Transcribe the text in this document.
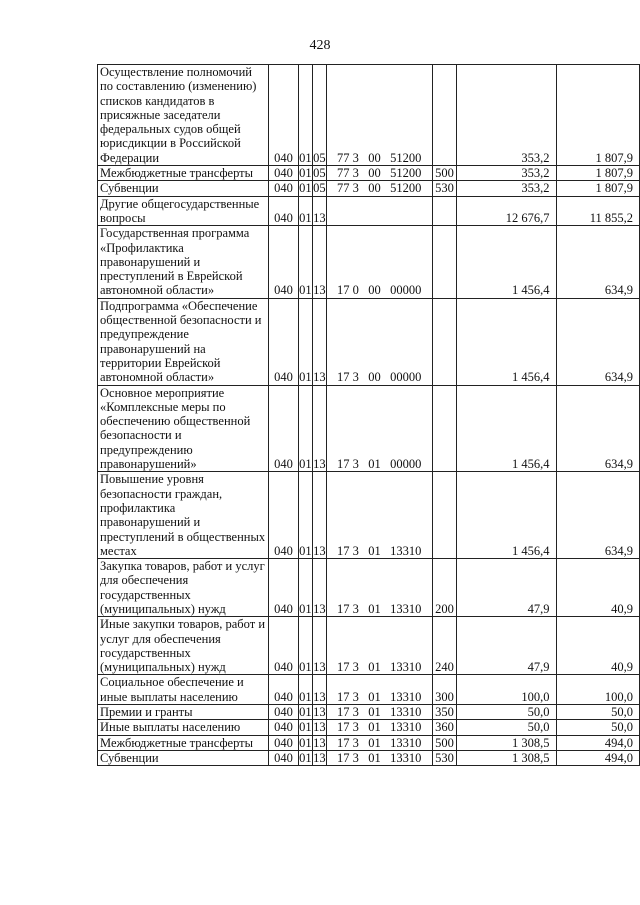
428
Осуществление полномочий по составлению (изменению) списков кандидатов в присяжные заседатели федеральных судов общей юрисдикции в Российской Федерации	040	01	05	77 3   00   51200		353,2	1 807,9
Межбюджетные трансферты	040	01	05	77 3   00   51200	500	353,2	1 807,9
Субвенции	040	01	05	77 3   00   51200	530	353,2	1 807,9
Другие общегосударственные вопросы	040	01	13			12 676,7	11 855,2
Государственная программа «Профилактика правонарушений и преступлений в Еврейской автономной области»	040	01	13	17 0   00   00000		1 456,4	634,9
Подпрограмма «Обеспечение общественной безопасности и предупреждение правонарушений на территории Еврейской автономной области»	040	01	13	17 3   00   00000		1 456,4	634,9
Основное мероприятие «Комплексные меры по обеспечению общественной безопасности и предупреждению правонарушений»	040	01	13	17 3   01   00000		1 456,4	634,9
Повышение уровня безопасности граждан, профилактика правонарушений и преступлений в общественных местах	040	01	13	17 3   01   13310		1 456,4	634,9
Закупка товаров, работ и услуг для обеспечения государственных (муниципальных) нужд	040	01	13	17 3   01   13310	200	47,9	40,9
Иные закупки товаров, работ и услуг для обеспечения государственных (муниципальных) нужд	040	01	13	17 3   01   13310	240	47,9	40,9
Социальное обеспечение и иные выплаты населению	040	01	13	17 3   01   13310	300	100,0	100,0
Премии и гранты	040	01	13	17 3   01   13310	350	50,0	50,0
Иные выплаты населению	040	01	13	17 3   01   13310	360	50,0	50,0
Межбюджетные трансферты	040	01	13	17 3   01   13310	500	1 308,5	494,0
Субвенции	040	01	13	17 3   01   13310	530	1 308,5	494,0
